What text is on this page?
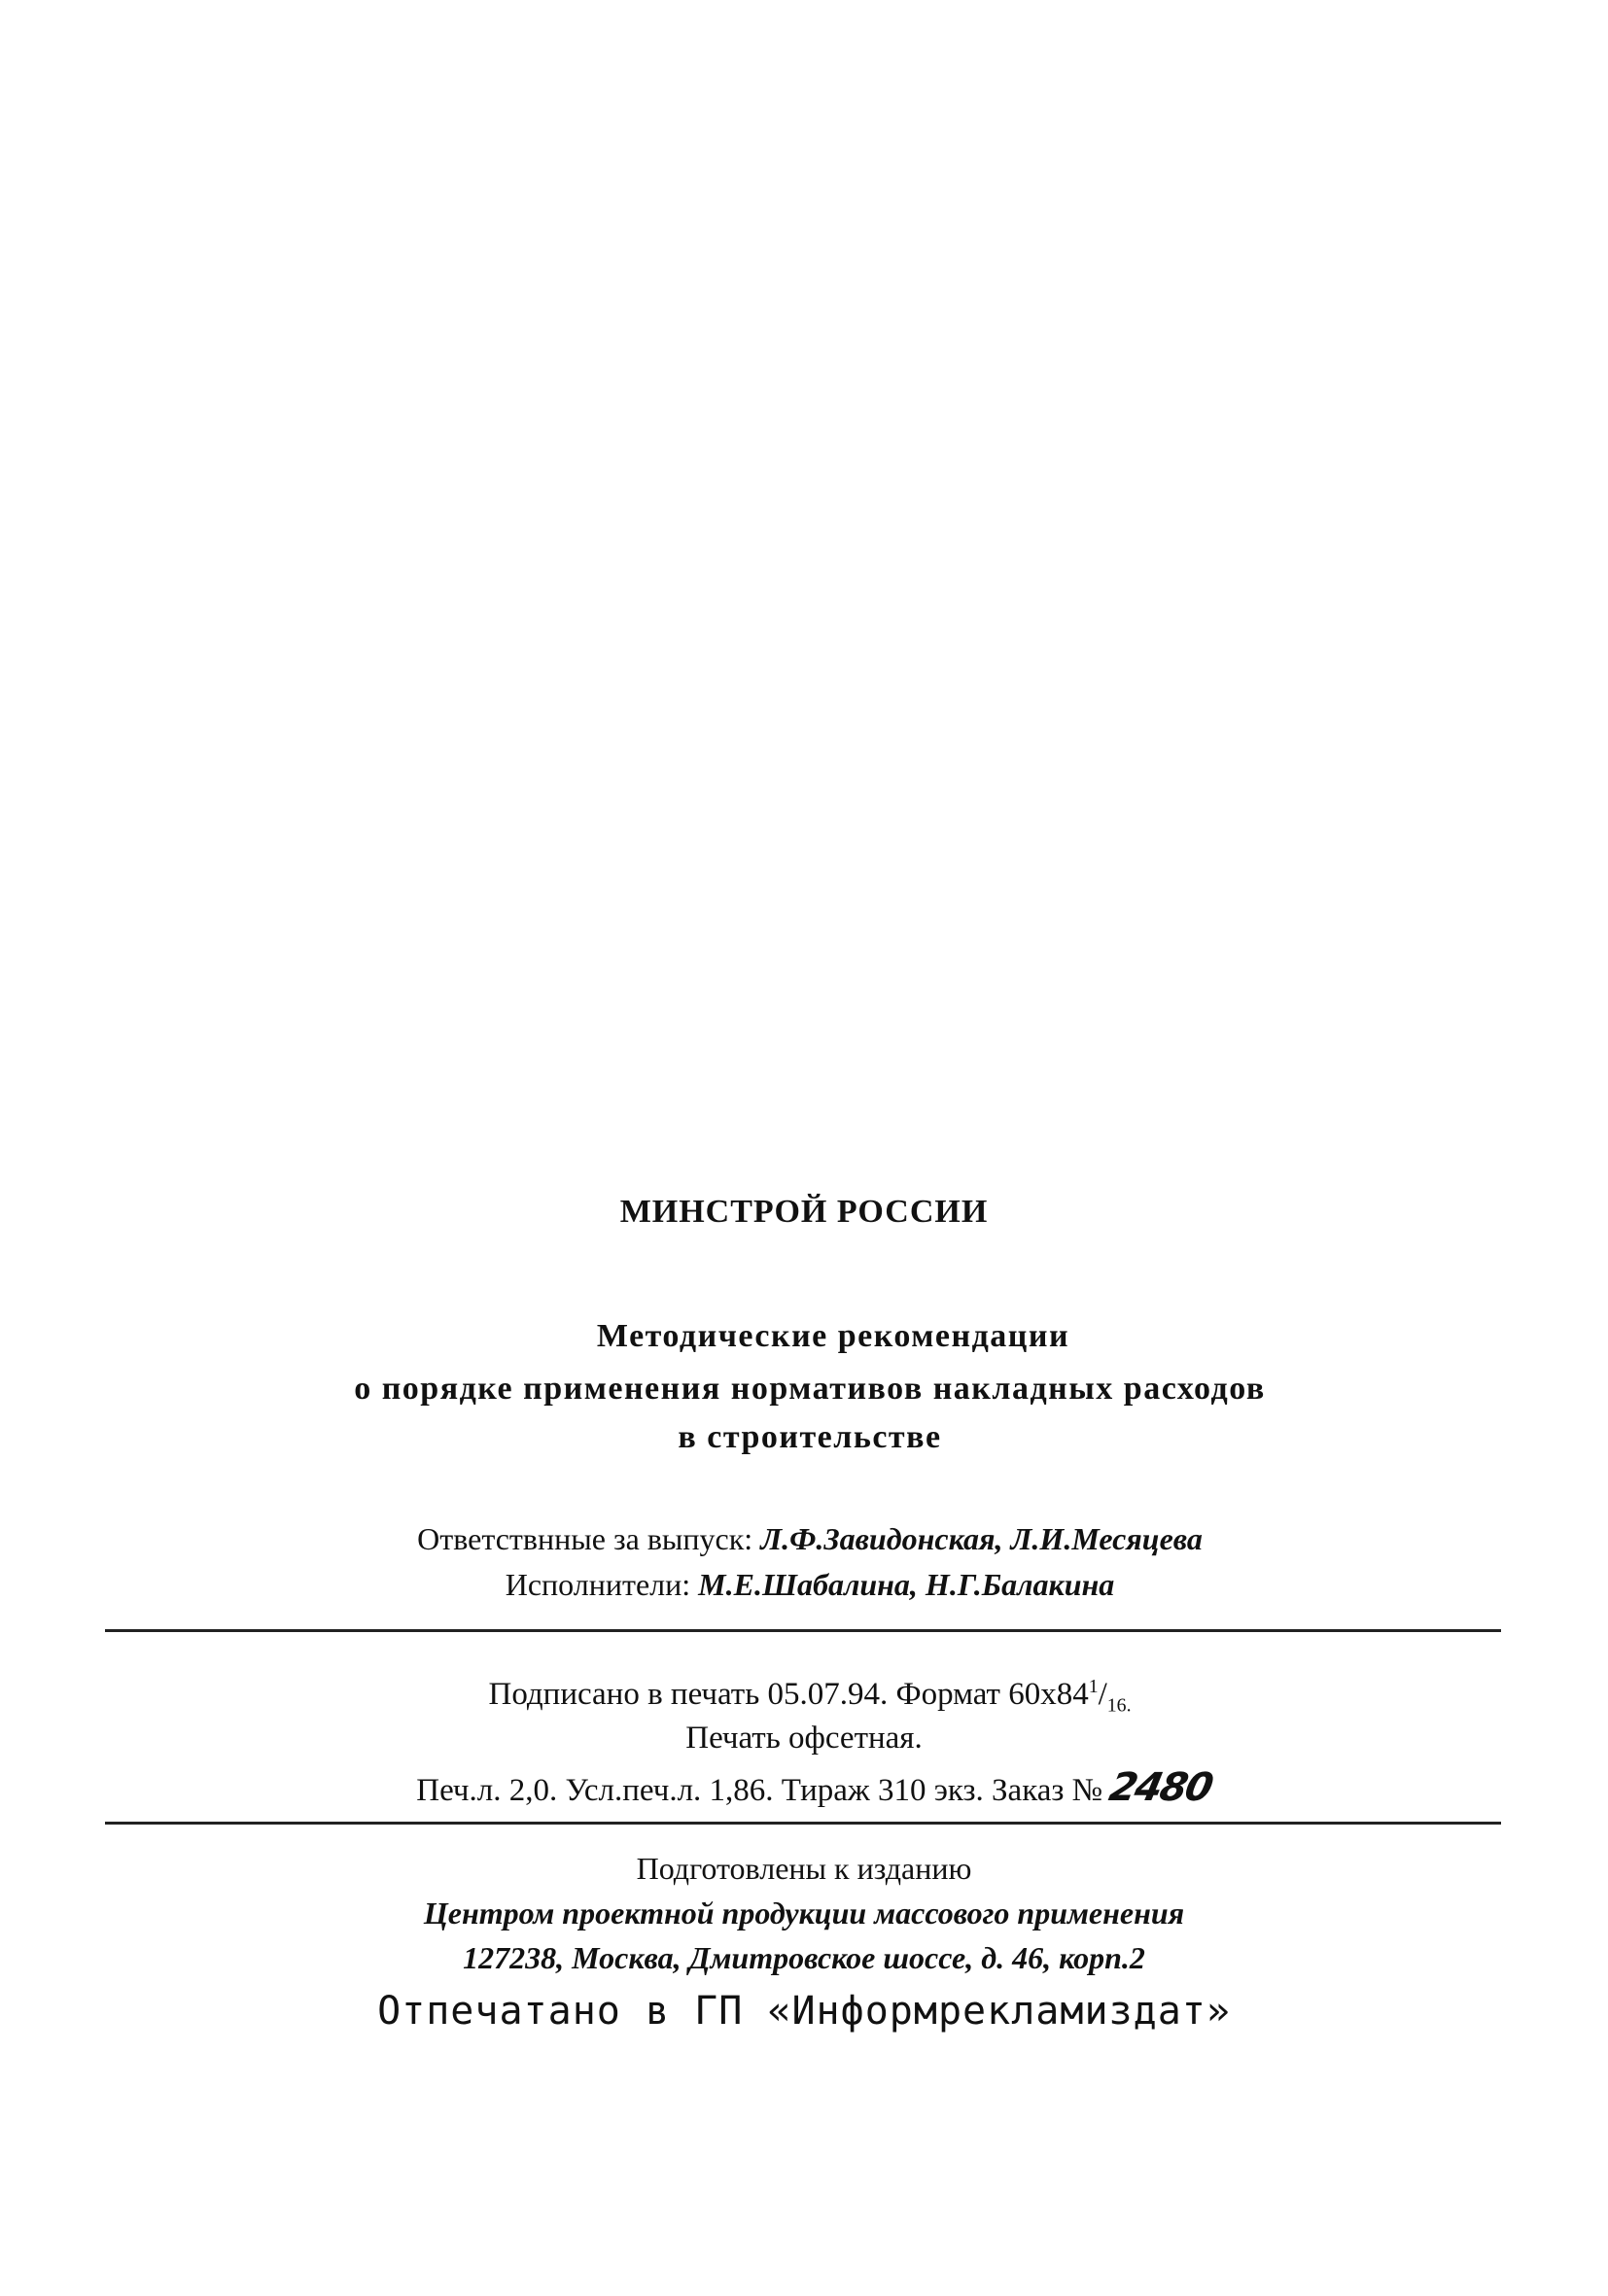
МИНСТРОЙ РОССИИ
Методические рекомендации
о порядке применения нормативов накладных расходов
в строительстве
Ответствнные за выпуск: Л.Ф.Завидонская, Л.И.Месяцева
Исполнители: М.Е.Шабалина, Н.Г.Балакина
Подписано в печать 05.07.94. Формат $60x84^1/_{16.}$
Печать офсетная.
Печ.л. 2,0. Усл.печ.л. 1,86. Тираж 310 экз. Заказ № 2480
Подготовлены к изданию
Центром проектной продукции массового применения
127238, Москва, Дмитровское шоссе, д. 46, корп.2
Отпечатано в ГП «Информрекламиздат»
